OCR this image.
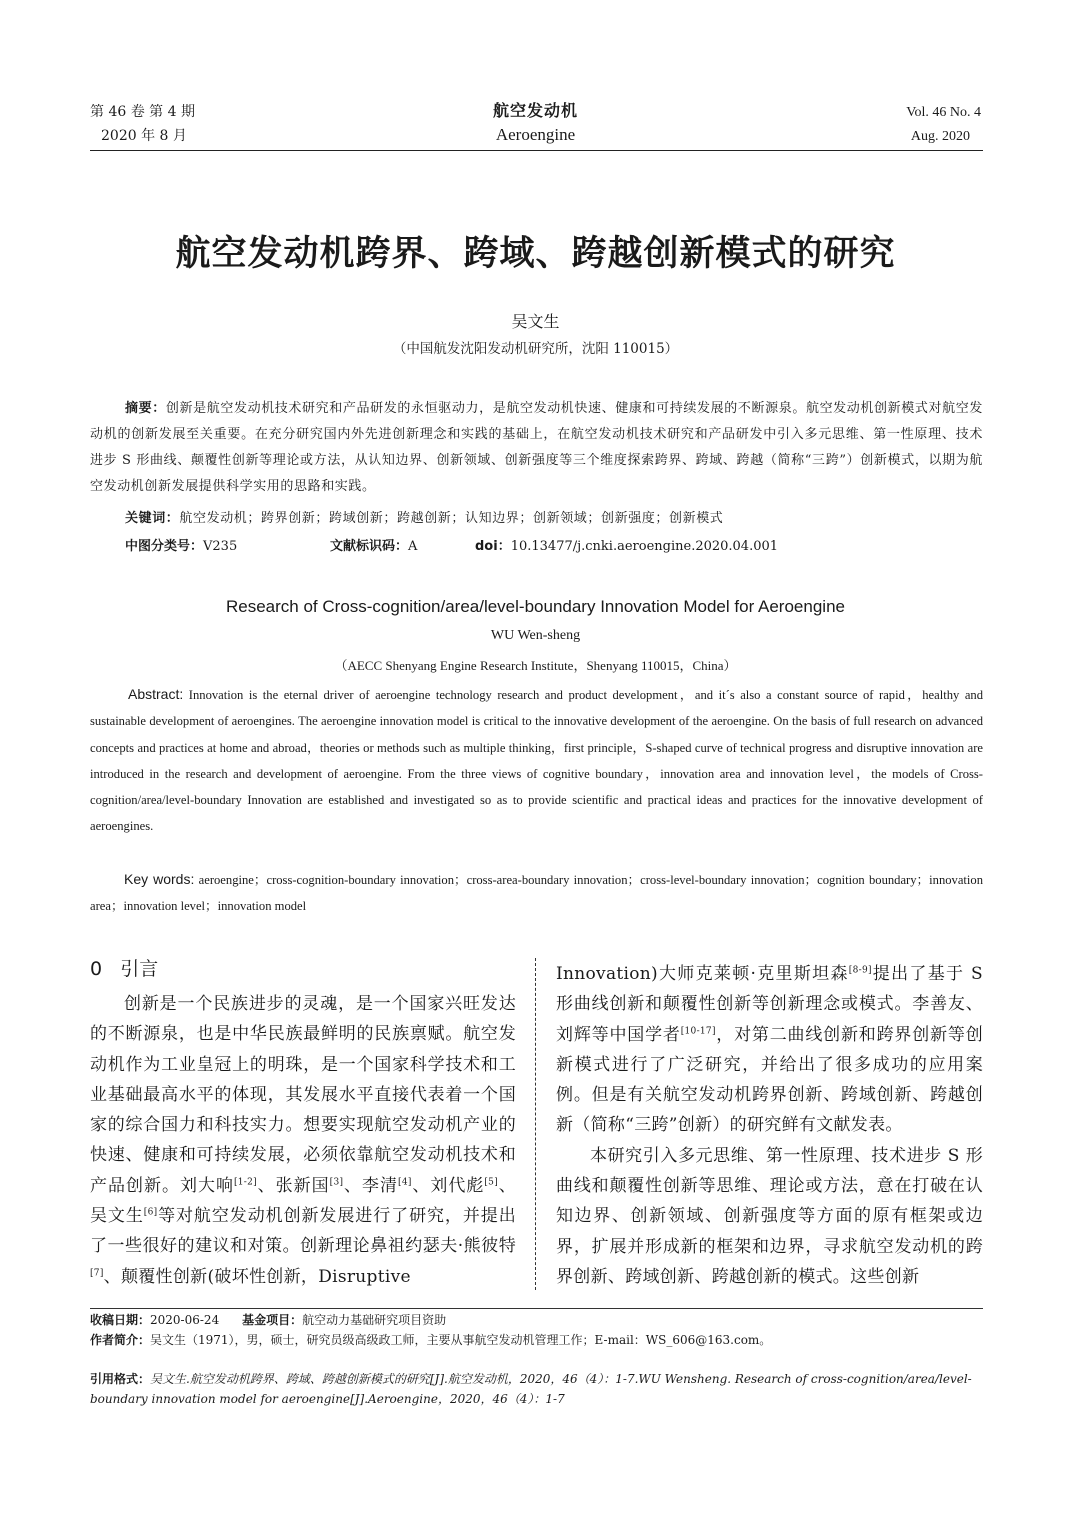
第 46 卷 第 4 期
2020 年 8 月
航空发动机
Aeroengine
Vol. 46 No. 4
Aug. 2020
航空发动机跨界、跨域、跨越创新模式的研究
吴文生
（中国航发沈阳发动机研究所，沈阳 110015）
摘要：创新是航空发动机技术研究和产品研发的永恒驱动力，是航空发动机快速、健康和可持续发展的不断源泉。航空发动机创新模式对航空发动机的创新发展至关重要。在充分研究国内外先进创新理念和实践的基础上，在航空发动机技术研究和产品研发中引入多元思维、第一性原理、技术进步 S 形曲线、颠覆性创新等理论或方法，从认知边界、创新领域、创新强度等三个维度探索跨界、跨域、跨越（简称“三跨”）创新模式，以期为航空发动机创新发展提供科学实用的思路和实践。
关键词：航空发动机；跨界创新；跨域创新；跨越创新；认知边界；创新领域；创新强度；创新模式
中图分类号：V235	文献标识码：A	doi：10.13477/j.cnki.aeroengine.2020.04.001
Research of Cross-cognition/area/level-boundary Innovation Model for Aeroengine
WU Wen-sheng
（AECC Shenyang Engine Research Institute，Shenyang 110015，China）
Abstract: Innovation is the eternal driver of aeroengine technology research and product development，and it´s also a constant source of rapid，healthy and sustainable development of aeroengines. The aeroengine innovation model is critical to the innovative development of the aeroengine. On the basis of full research on advanced concepts and practices at home and abroad，theories or methods such as multiple thinking，first principle，S-shaped curve of technical progress and disruptive innovation are introduced in the research and development of aeroengine. From the three views of cognitive boundary，innovation area and innovation level，the models of Cross-cognition/area/level-boundary Innovation are established and investigated so as to provide scientific and practical ideas and practices for the innovative development of aeroengines.
Key words: aeroengine；cross-cognition-boundary innovation；cross-area-boundary innovation；cross-level-boundary innovation；cognition boundary；innovation area；innovation level；innovation model
0 引言

创新是一个民族进步的灵魂，是一个国家兴旺发达的不断源泉，也是中华民族最鲜明的民族禀赋。航空发动机作为工业皇冠上的明珠，是一个国家科学技术和工业基础最高水平的体现，其发展水平直接代表着一个国家的综合国力和科技实力。想要实现航空发动机产业的快速、健康和可持续发展，必须依靠航空发动机技术和产品创新。刘大响[1-2]、张新国[3]、李清[4]、刘代彪[5]、吴文生[6]等对航空发动机创新发展进行了研究，并提出了一些很好的建议和对策。创新理论鼻祖约瑟夫·熊彼特[7]、颠覆性创新(破坏性创新，Disruptive

Innovation)大师克莱顿·克里斯坦森[8-9]提出了基于 S 形曲线创新和颠覆性创新等创新理念或模式。李善友、刘辉等中国学者[10-17]，对第二曲线创新和跨界创新等创新模式进行了广泛研究，并给出了很多成功的应用案例。但是有关航空发动机跨界创新、跨域创新、跨越创新（简称“三跨”创新）的研究鲜有文献发表。

本研究引入多元思维、第一性原理、技术进步 S 形曲线和颠覆性创新等思维、理论或方法，意在打破在认知边界、创新领域、创新强度等方面的原有框架或边界，扩展并形成新的框架和边界，寻求航空发动机的跨界创新、跨域创新、跨越创新的模式。这些创新

收稿日期：2020-06-24 基金项目：航空动力基础研究项目资助
作者简介：吴文生（1971），男，硕士，研究员级高级政工师，主要从事航空发动机管理工作；E-mail：WS_606@163.com。
引用格式：吴文生.航空发动机跨界、跨域、跨越创新模式的研究[J].航空发动机，2020，46（4）：1-7.WU Wensheng. Research of cross-cognition/area/level-boundary innovation model for aeroengine[J].Aeroengine，2020，46（4）：1-7
